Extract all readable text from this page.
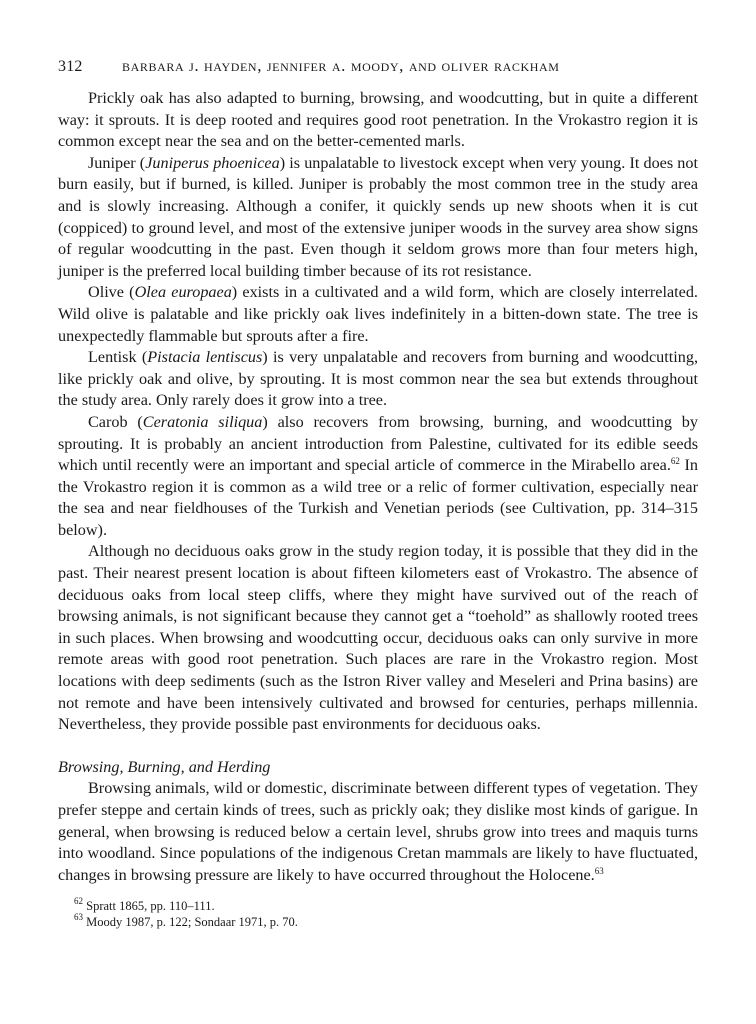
312 barbara j. hayden, jennifer a. moody, and oliver rackham

Prickly oak has also adapted to burning, browsing, and woodcutting, but in quite a different way: it sprouts. It is deep rooted and requires good root penetration. In the Vrokastro region it is common except near the sea and on the better-cemented marls.

Juniper (Juniperus phoenicea) is unpalatable to livestock except when very young. It does not burn easily, but if burned, is killed. Juniper is probably the most common tree in the study area and is slowly increasing. Although a conifer, it quickly sends up new shoots when it is cut (coppiced) to ground level, and most of the extensive juniper woods in the survey area show signs of regular woodcutting in the past. Even though it seldom grows more than four meters high, juniper is the preferred local building timber because of its rot resistance.

Olive (Olea europaea) exists in a cultivated and a wild form, which are closely interrelated. Wild olive is palatable and like prickly oak lives indefinitely in a bitten-down state. The tree is unexpectedly flammable but sprouts after a fire.

Lentisk (Pistacia lentiscus) is very unpalatable and recovers from burning and woodcutting, like prickly oak and olive, by sprouting. It is most common near the sea but extends throughout the study area. Only rarely does it grow into a tree.

Carob (Ceratonia siliqua) also recovers from browsing, burning, and woodcutting by sprouting. It is probably an ancient introduction from Palestine, cultivated for its edible seeds which until recently were an important and special article of commerce in the Mirabello area.$^{62}$ In the Vrokastro region it is common as a wild tree or a relic of former cultivation, especially near the sea and near fieldhouses of the Turkish and Venetian periods (see Cultivation, pp. 314–315 below).

Although no deciduous oaks grow in the study region today, it is possible that they did in the past. Their nearest present location is about fifteen kilometers east of Vrokastro. The absence of deciduous oaks from local steep cliffs, where they might have survived out of the reach of browsing animals, is not significant because they cannot get a “toehold” as shallowly rooted trees in such places. When browsing and woodcutting occur, deciduous oaks can only survive in more remote areas with good root penetration. Such places are rare in the Vrokastro region. Most locations with deep sediments (such as the Istron River valley and Meseleri and Prina basins) are not remote and have been intensively cultivated and browsed for centuries, perhaps millennia. Nevertheless, they provide possible past environments for deciduous oaks.

Browsing, Burning, and Herding

Browsing animals, wild or domestic, discriminate between different types of vegetation. They prefer steppe and certain kinds of trees, such as prickly oak; they dislike most kinds of garigue. In general, when browsing is reduced below a certain level, shrubs grow into trees and maquis turns into woodland. Since populations of the indigenous Cretan mammals are likely to have fluctuated, changes in browsing pressure are likely to have occurred throughout the Holocene.$^{63}$

$^{62}$ Spratt 1865, pp. 110–111.

$^{63}$ Moody 1987, p. 122; Sondaar 1971, p. 70.
